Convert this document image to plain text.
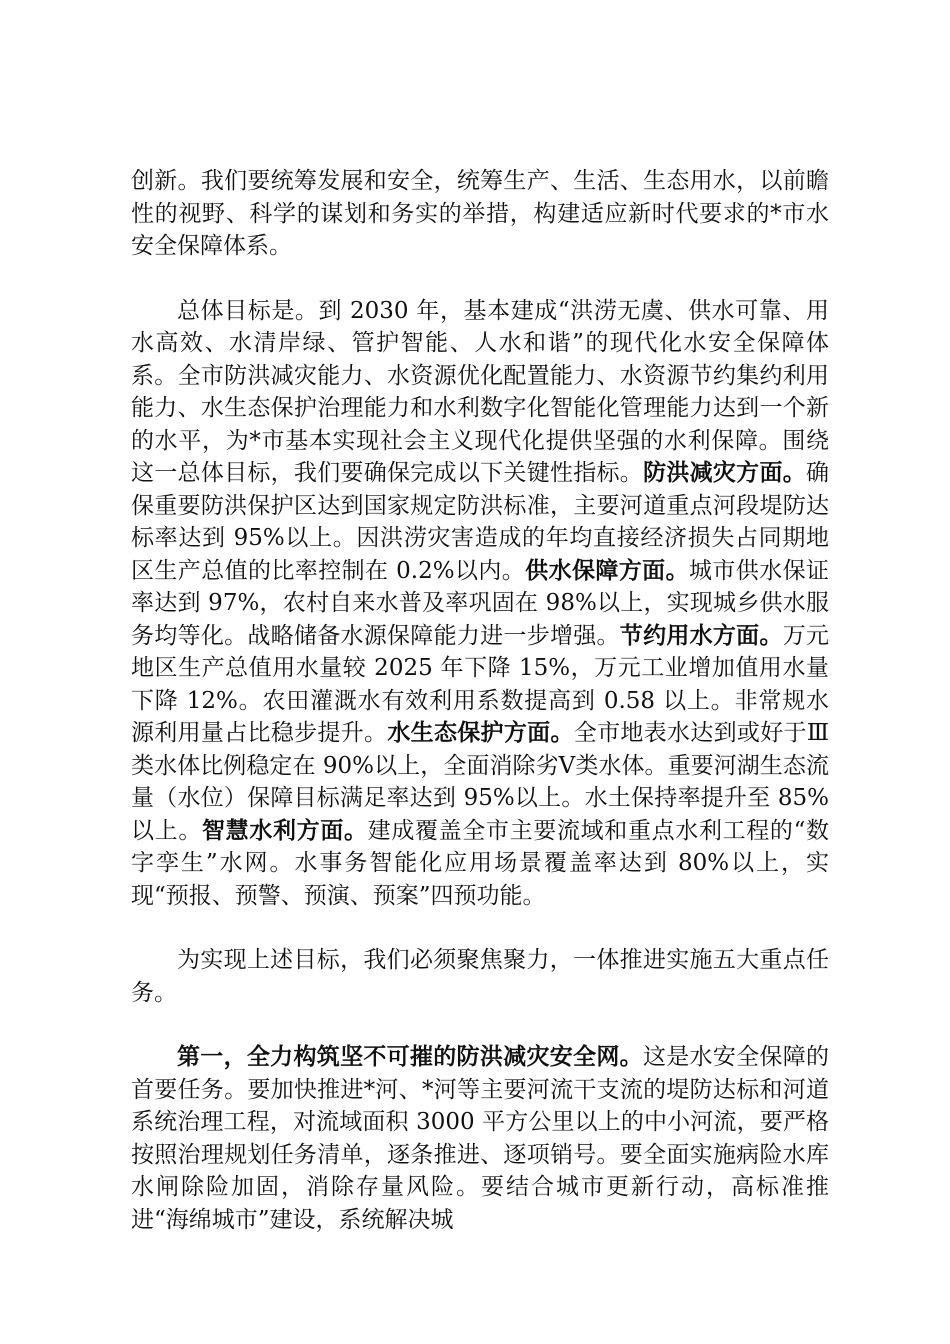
创新。我们要统筹发展和安全，统筹生产、生活、生态用水，以前瞻性的视野、科学的谋划和务实的举措，构建适应新时代要求的*市水安全保障体系。

总体目标是。到 2030 年，基本建成“洪涝无虞、供水可靠、用水高效、水清岸绿、管护智能、人水和谐”的现代化水安全保障体系。全市防洪减灾能力、水资源优化配置能力、水资源节约集约利用能力、水生态保护治理能力和水利数字化智能化管理能力达到一个新的水平，为*市基本实现社会主义现代化提供坚强的水利保障。围绕这一总体目标，我们要确保完成以下关键性指标。防洪减灾方面。确保重要防洪保护区达到国家规定防洪标准，主要河道重点河段堤防达标率达到 95%以上。因洪涝灾害造成的年均直接经济损失占同期地区生产总值的比率控制在 0.2%以内。供水保障方面。城市供水保证率达到 97%，农村自来水普及率巩固在 98%以上，实现城乡供水服务均等化。战略储备水源保障能力进一步增强。节约用水方面。万元地区生产总值用水量较 2025 年下降 15%，万元工业增加值用水量下降 12%。农田灌溉水有效利用系数提高到 0.58 以上。非常规水源利用量占比稳步提升。水生态保护方面。全市地表水达到或好于Ⅲ类水体比例稳定在 90%以上，全面消除劣Ⅴ类水体。重要河湖生态流量（水位）保障目标满足率达到 95%以上。水土保持率提升至 85%以上。智慧水利方面。建成覆盖全市主要流域和重点水利工程的“数字孪生”水网。水事务智能化应用场景覆盖率达到 80%以上，实现“预报、预警、预演、预案”四预功能。

为实现上述目标，我们必须聚焦聚力，一体推进实施五大重点任务。

第一，全力构筑坚不可摧的防洪减灾安全网。这是水安全保障的首要任务。要加快推进*河、*河等主要河流干支流的堤防达标和河道系统治理工程，对流域面积 3000 平方公里以上的中小河流，要严格按照治理规划任务清单，逐条推进、逐项销号。要全面实施病险水库水闸除险加固，消除存量风险。要结合城市更新行动，高标准推进“海绵城市”建设，系统解决城
